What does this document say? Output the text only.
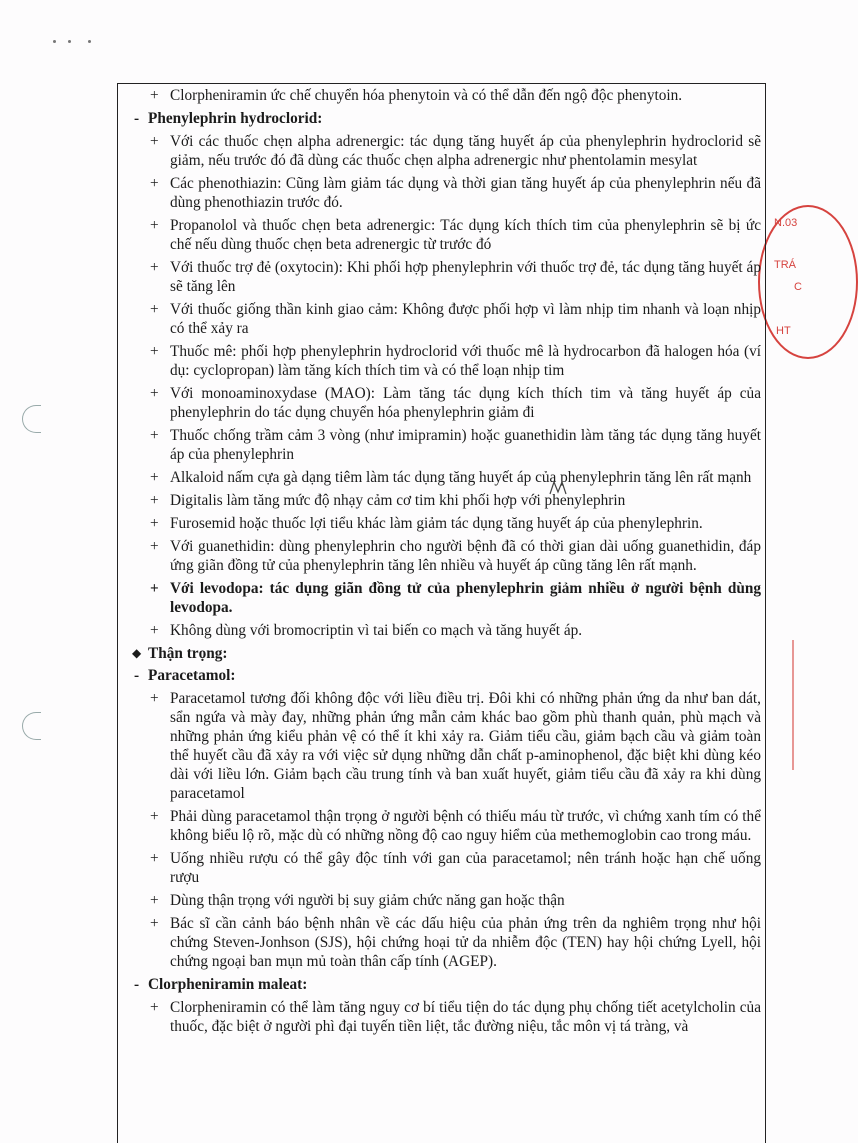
N.03
TRÁ
C
HT
+ Clorpheniramin ức chế chuyển hóa phenytoin và có thể dẫn đến ngộ độc phenytoin.
- Phenylephrin hydroclorid:
+ Với các thuốc chẹn alpha adrenergic: tác dụng tăng huyết áp của phenylephrin hydroclorid sẽ giảm, nếu trước đó đã dùng các thuốc chẹn alpha adrenergic như phentolamin mesylat
+ Các phenothiazin: Cũng làm giảm tác dụng và thời gian tăng huyết áp của phenylephrin nếu đã dùng phenothiazin trước đó.
+ Propanolol và thuốc chẹn beta adrenergic: Tác dụng kích thích tim của phenylephrin sẽ bị ức chế nếu dùng thuốc chẹn beta adrenergic từ trước đó
+ Với thuốc trợ đẻ (oxytocin): Khi phối hợp phenylephrin với thuốc trợ đẻ, tác dụng tăng huyết áp sẽ tăng lên
+ Với thuốc giống thần kinh giao cảm: Không được phối hợp vì làm nhịp tim nhanh và loạn nhịp có thể xảy ra
+ Thuốc mê: phối hợp phenylephrin hydroclorid với thuốc mê là hydrocarbon đã halogen hóa (ví dụ: cyclopropan) làm tăng kích thích tim và có thể loạn nhịp tim
+ Với monoaminoxydase (MAO): Làm tăng tác dụng kích thích tim và tăng huyết áp của phenylephrin do tác dụng chuyển hóa phenylephrin giảm đi
+ Thuốc chống trầm cảm 3 vòng (như imipramin) hoặc guanethidin làm tăng tác dụng tăng huyết áp của phenylephrin
+ Alkaloid nấm cựa gà dạng tiêm làm tác dụng tăng huyết áp của phenylephrin tăng lên rất mạnh
+ Digitalis làm tăng mức độ nhạy cảm cơ tim khi phối hợp với phenylephrin
+ Furosemid hoặc thuốc lợi tiểu khác làm giảm tác dụng tăng huyết áp của phenylephrin.
+ Với guanethidin: dùng phenylephrin cho người bệnh đã có thời gian dài uống guanethidin, đáp ứng giãn đồng tử của phenylephrin tăng lên nhiều và huyết áp cũng tăng lên rất mạnh.
+ Với levodopa: tác dụng giãn đồng tử của phenylephrin giảm nhiều ở người bệnh dùng levodopa.
+ Không dùng với bromocriptin vì tai biến co mạch và tăng huyết áp.
◆ Thận trọng:
- Paracetamol:
+ Paracetamol tương đối không độc với liều điều trị. Đôi khi có những phản ứng da như ban dát, sẩn ngứa và mày đay, những phản ứng mẫn cảm khác bao gồm phù thanh quản, phù mạch và những phản ứng kiểu phản vệ có thể ít khi xảy ra. Giảm tiểu cầu, giảm bạch cầu và giảm toàn thể huyết cầu đã xảy ra với việc sử dụng những dẫn chất p-aminophenol, đặc biệt khi dùng kéo dài với liều lớn. Giảm bạch cầu trung tính và ban xuất huyết, giảm tiểu cầu đã xảy ra khi dùng paracetamol
+ Phải dùng paracetamol thận trọng ở người bệnh có thiếu máu từ trước, vì chứng xanh tím có thể không biểu lộ rõ, mặc dù có những nồng độ cao nguy hiểm của methemoglobin cao trong máu.
+ Uống nhiều rượu có thể gây độc tính với gan của paracetamol; nên tránh hoặc hạn chế uống rượu
+ Dùng thận trọng với người bị suy giảm chức năng gan hoặc thận
+ Bác sĩ cần cảnh báo bệnh nhân về các dấu hiệu của phản ứng trên da nghiêm trọng như hội chứng Steven-Jonhson (SJS), hội chứng hoại tử da nhiễm độc (TEN) hay hội chứng Lyell, hội chứng ngoại ban mụn mủ toàn thân cấp tính (AGEP).
- Clorpheniramin maleat:
+ Clorpheniramin có thể làm tăng nguy cơ bí tiểu tiện do tác dụng phụ chống tiết acetylcholin của thuốc, đặc biệt ở người phì đại tuyến tiền liệt, tắc đường niệu, tắc môn vị tá tràng, và
